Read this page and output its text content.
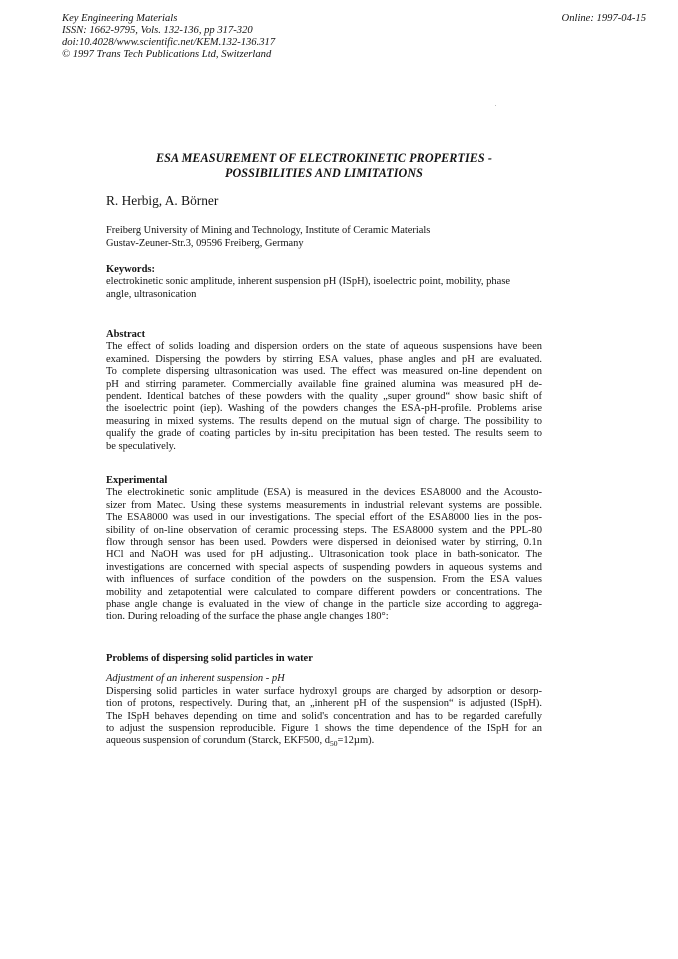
Key Engineering Materials
ISSN: 1662-9795, Vols. 132-136, pp 317-320
doi:10.4028/www.scientific.net/KEM.132-136.317
© 1997 Trans Tech Publications Ltd, Switzerland
Online: 1997-04-15
ESA MEASUREMENT OF ELECTROKINETIC PROPERTIES -
POSSIBILITIES AND LIMITATIONS
R. Herbig, A. Börner
Freiberg University of Mining and Technology, Institute of Ceramic Materials
Gustav-Zeuner-Str.3, 09596 Freiberg, Germany
Keywords:
electrokinetic sonic amplitude, inherent suspension pH (ISpH), isoelectric point, mobility, phase
angle, ultrasonication
Abstract

The effect of solids loading and dispersion orders on the state of aqueous suspensions have been

examined. Dispersing the powders by stirring ESA values, phase angles and pH are evaluated.

To complete dispersing ultrasonication was used. The effect was measured on-line dependent on

pH and stirring parameter. Commercially available fine grained alumina was measured pH de-

pendent. Identical batches of these powders with the quality „super ground“ show basic shift of

the isoelectric point (iep). Washing of the powders changes the ESA-pH-profile. Problems arise

measuring in mixed systems. The results depend on the mutual sign of charge. The possibility to

qualify the grade of coating particles by in-situ precipitation has been tested. The results seem to

be speculatively.

Experimental

The electrokinetic sonic amplitude (ESA) is measured in the devices ESA8000 and the Acousto-

sizer from Matec. Using these systems measurements in industrial relevant systems are possible.

The ESA8000 was used in our investigations. The special effort of the ESA8000 lies in the pos-

sibility of on-line observation of ceramic processing steps. The ESA8000 system and the PPL-80

flow through sensor has been used. Powders were dispersed in deionised water by stirring, 0.1n

HCl and NaOH was used for pH adjusting.. Ultrasonication took place in bath-sonicator. The

investigations are concerned with special aspects of suspending powders in aqueous systems and

with influences of surface condition of the powders on the suspension. From the ESA values

mobility and zetapotential were calculated to compare different powders or concentrations. The

phase angle change is evaluated in the view of change in the particle size according to aggrega-

tion. During reloading of the surface the phase angle changes 180°:

Problems of dispersing solid particles in water
Adjustment of an inherent suspension - pH

Dispersing solid particles in water surface hydroxyl groups are charged by adsorption or desorp-

tion of protons, respectively. During that, an „inherent pH of the suspension“ is adjusted (ISpH).

The ISpH behaves depending on time and solid's concentration and has to be regarded carefully

to adjust the suspension reproducible. Figure 1 shows the time dependence of the ISpH for an

aqueous suspension of corundum (Starck, EKF500, $d_{50}=12\mu m$).
